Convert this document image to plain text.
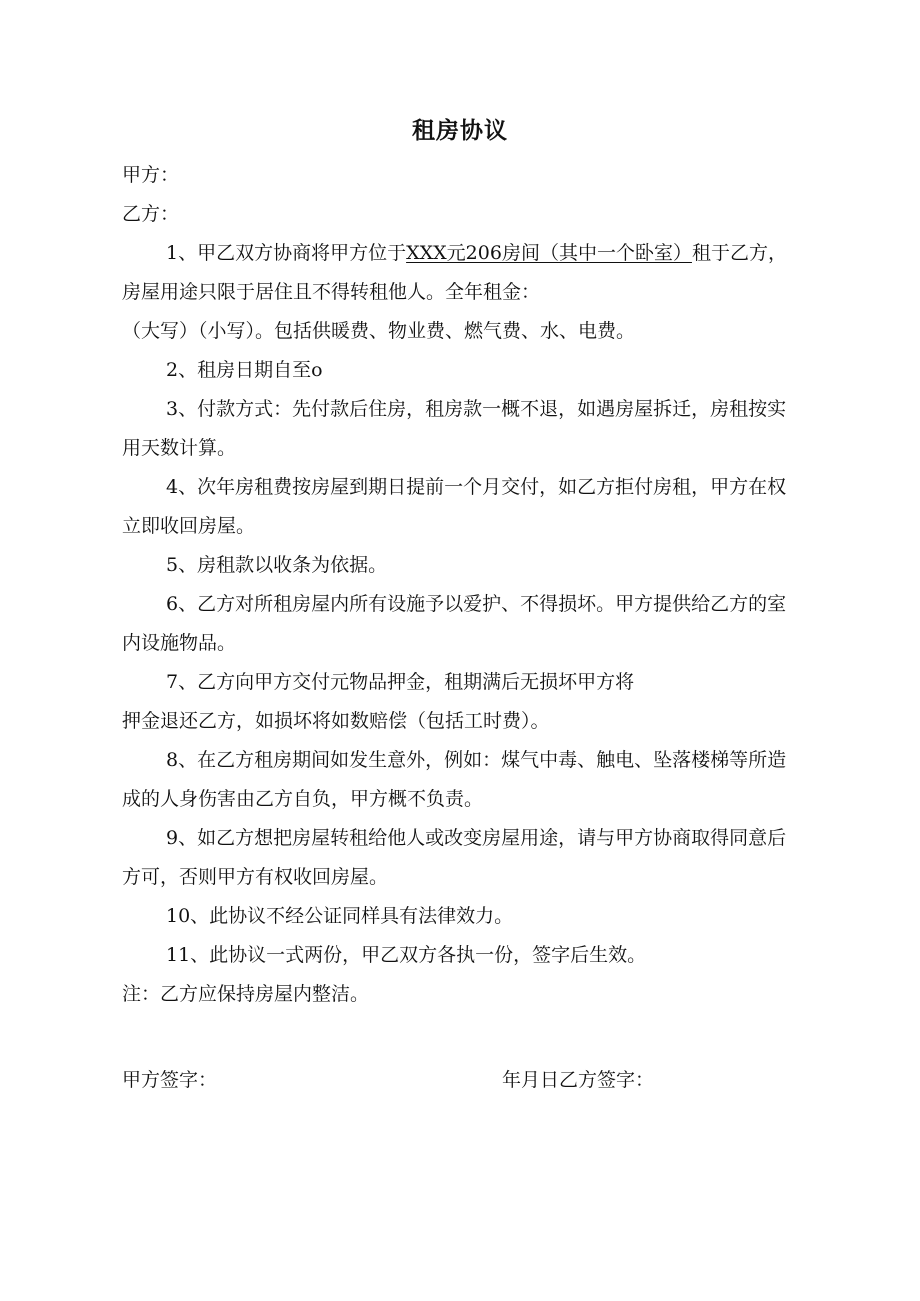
租房协议

甲方：

乙方：

1、甲乙双方协商将甲方位于XXX元206房间（其中一个卧室）租于乙方，房屋用途只限于居住且不得转租他人。全年租金：

（大写）（小写）。包括供暖费、物业费、燃气费、水、电费。

2、租房日期自至o

3、付款方式：先付款后住房，租房款一概不退，如遇房屋拆迁，房租按实用天数计算。

4、次年房租费按房屋到期日提前一个月交付，如乙方拒付房租，甲方在权立即收回房屋。

5、房租款以收条为依据。

6、乙方对所租房屋内所有设施予以爱护、不得损坏。甲方提供给乙方的室内设施物品。

7、乙方向甲方交付元物品押金，租期满后无损坏甲方将

押金退还乙方，如损坏将如数赔偿（包括工时费）。

8、在乙方租房期间如发生意外，例如：煤气中毒、触电、坠落楼梯等所造成的人身伤害由乙方自负，甲方概不负责。

9、如乙方想把房屋转租给他人或改变房屋用途，请与甲方协商取得同意后方可，否则甲方有权收回房屋。

10、此协议不经公证同样具有法律效力。

11、此协议一式两份，甲乙双方各执一份，签字后生效。

注：乙方应保持房屋内整洁。

甲方签字：	年月日乙方签字：
